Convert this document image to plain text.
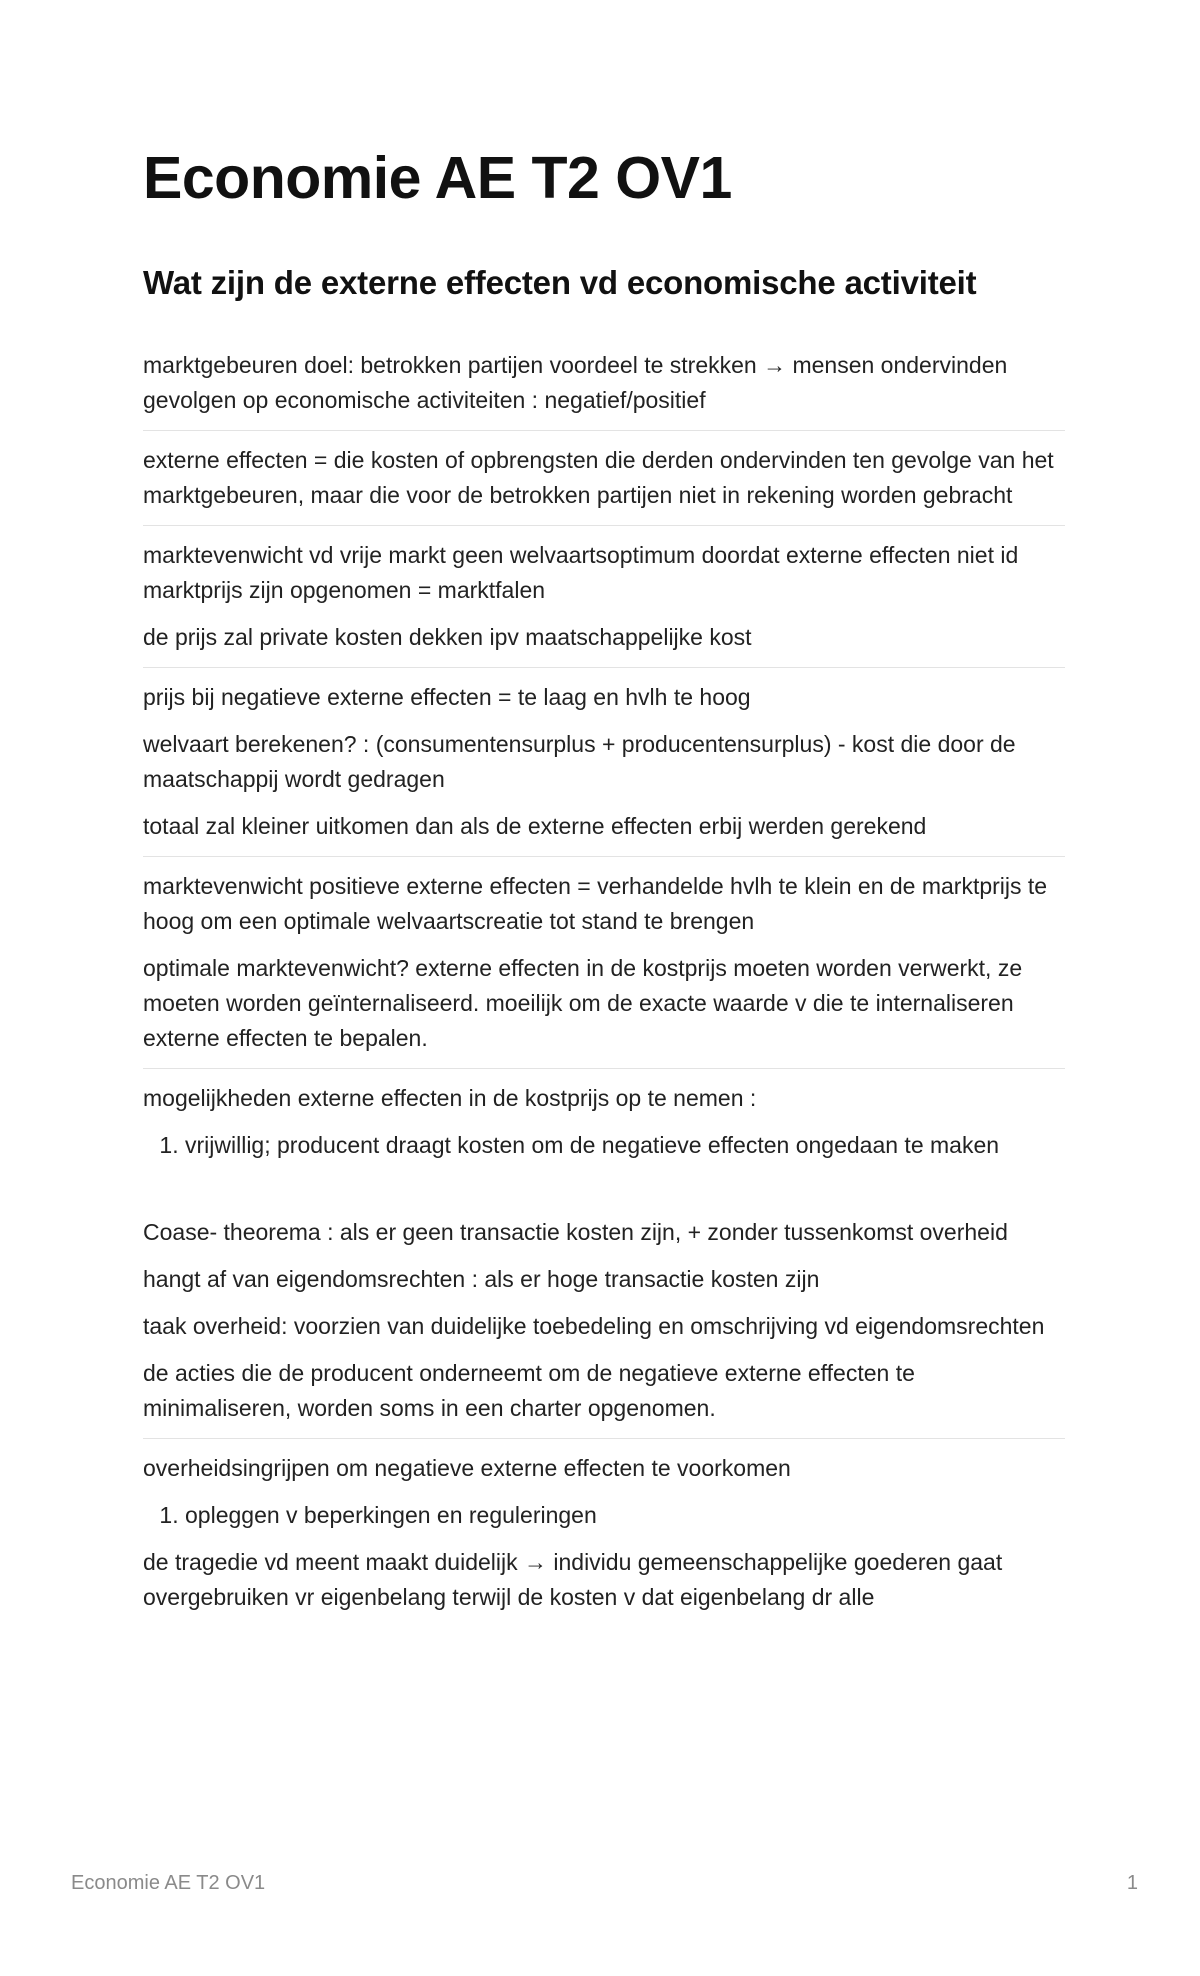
Economie AE T2 OV1
Wat zijn de externe effecten vd economische activiteit

marktgebeuren doel: betrokken partijen voordeel te strekken → mensen ondervinden gevolgen op economische activiteiten : negatief/positief

externe effecten = die kosten of opbrengsten die derden ondervinden ten gevolge van het marktgebeuren, maar die voor de betrokken partijen niet in rekening worden gebracht

marktevenwicht vd vrije markt geen welvaartsoptimum doordat externe effecten niet id marktprijs zijn opgenomen = marktfalen

de prijs zal private kosten dekken ipv maatschappelijke kost

prijs bij negatieve externe effecten = te laag en hvlh te hoog

welvaart berekenen? : (consumentensurplus + producentensurplus) - kost die door de maatschappij wordt gedragen

totaal zal kleiner uitkomen dan als de externe effecten erbij werden gerekend

marktevenwicht positieve externe effecten = verhandelde hvlh te klein en de marktprijs te hoog om een optimale welvaartscreatie tot stand te brengen

optimale marktevenwicht? externe effecten in de kostprijs moeten worden verwerkt, ze moeten worden geïnternaliseerd. moeilijk om de exacte waarde v die te internaliseren externe effecten te bepalen.

mogelijkheden externe effecten in de kostprijs op te nemen :

1. vrijwillig; producent draagt kosten om de negatieve effecten ongedaan te maken

Coase- theorema : als er geen transactie kosten zijn, + zonder tussenkomst overheid

hangt af van eigendomsrechten : als er hoge transactie kosten zijn

taak overheid: voorzien van duidelijke toebedeling en omschrijving vd eigendomsrechten

de acties die de producent onderneemt om de negatieve externe effecten te minimaliseren, worden soms in een charter opgenomen.

overheidsingrijpen om negatieve externe effecten te voorkomen

1. opleggen v beperkingen en reguleringen

de tragedie vd meent maakt duidelijk → individu gemeenschappelijke goederen gaat overgebruiken vr eigenbelang terwijl de kosten v dat eigenbelang dr alle

Economie AE T2 OV1	1
